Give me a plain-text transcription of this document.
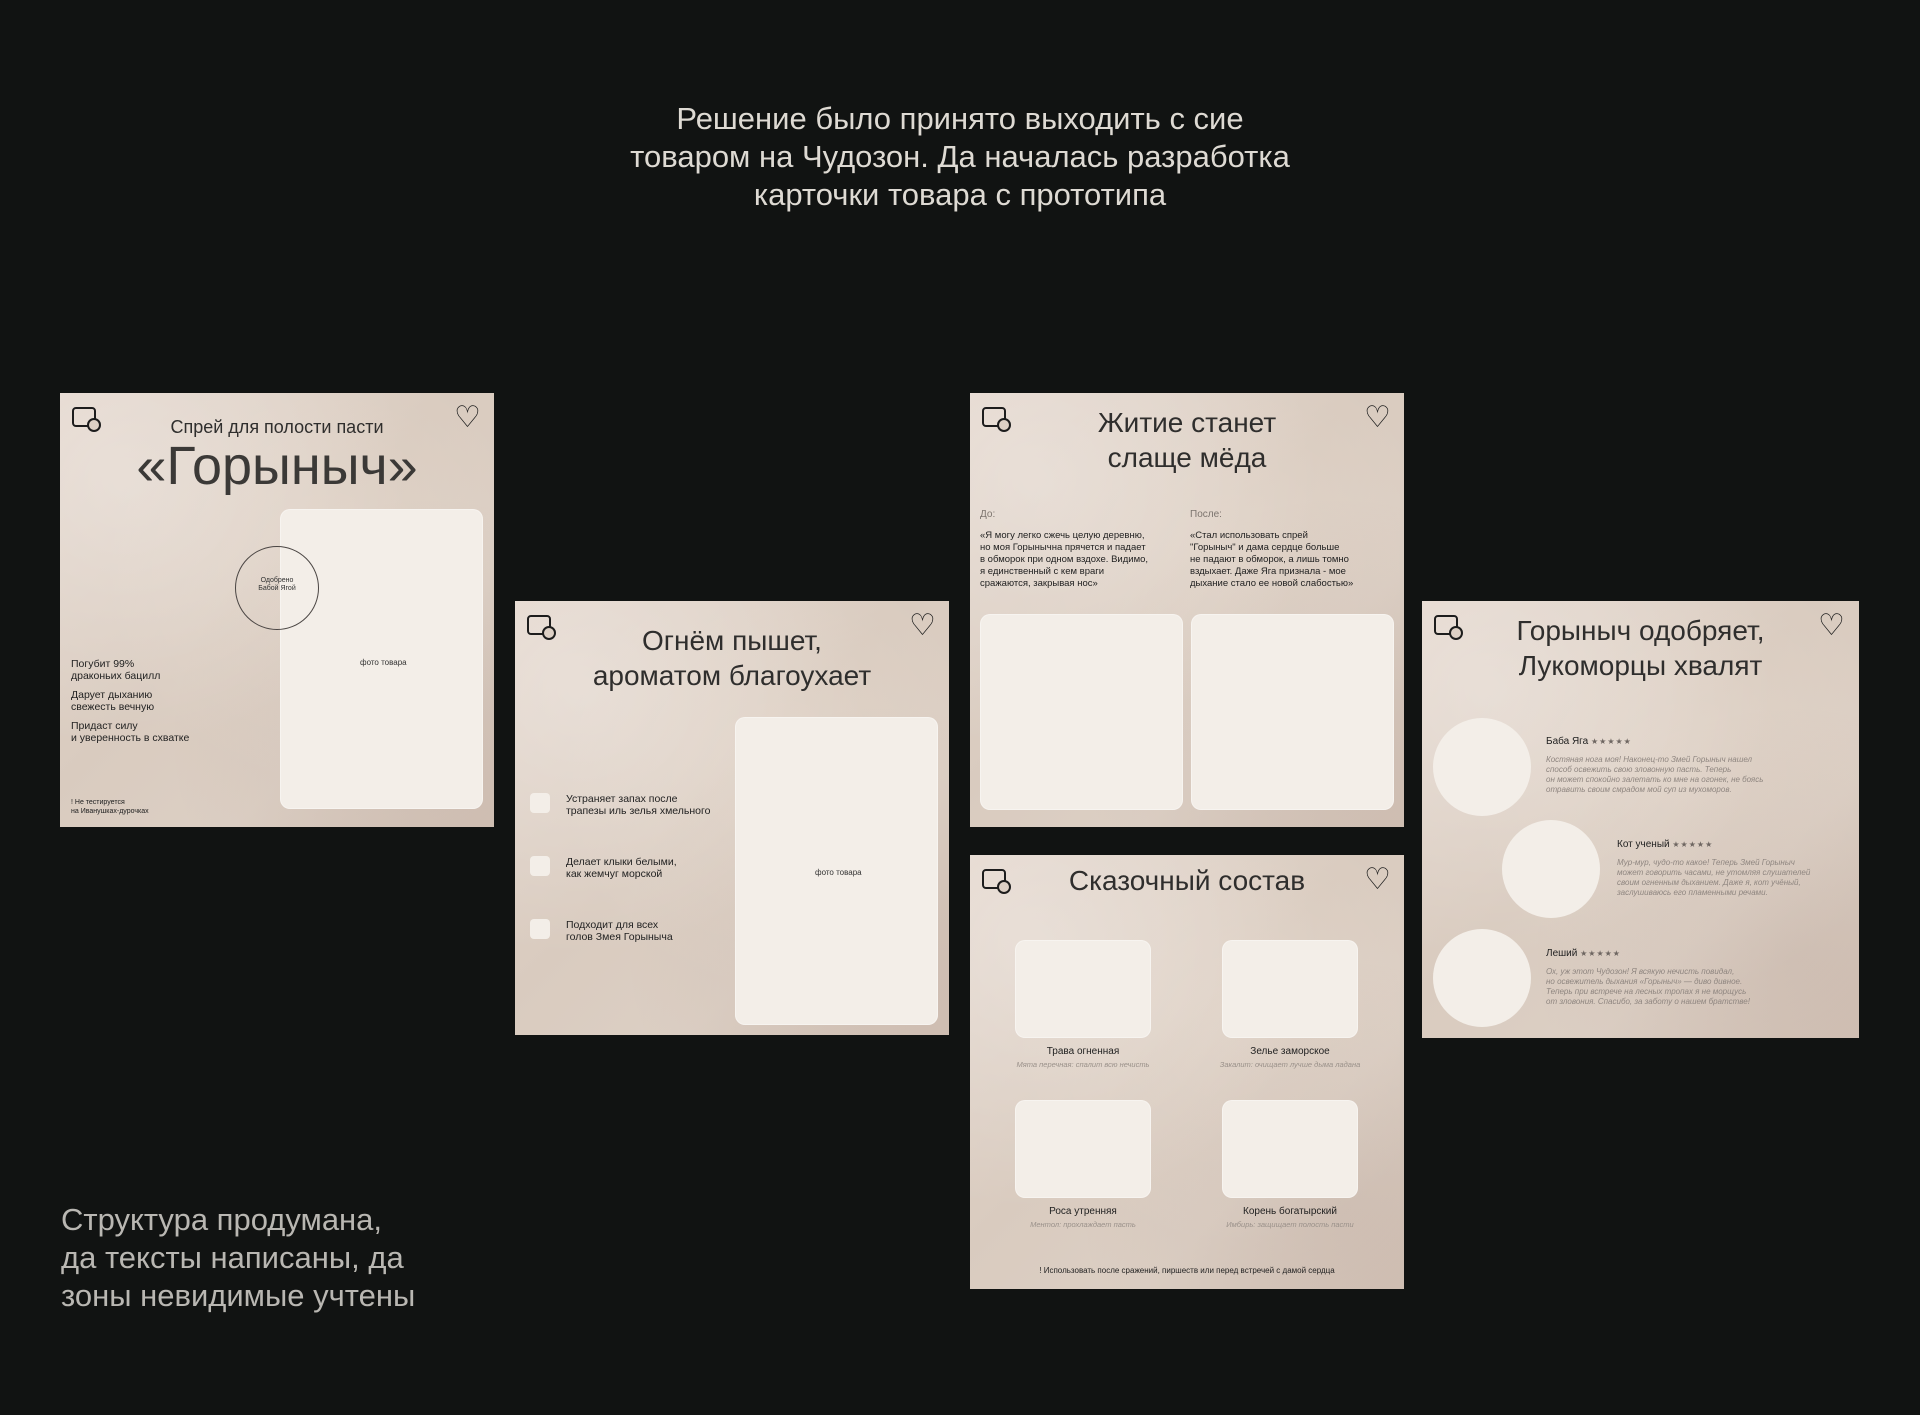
Решение было принято выходить с сие
товаром на Чудозон. Да началась разработка
карточки товара с прототипа
♡
Спрей для полости пасти
«Горыныч»
фото товара
Одобрено
Бабой Ягой
Погубит 99%
драконьих бацилл
Дарует дыханию
свежесть вечную
Придаст силу
и уверенность в схватке
! Не тестируется
на Иванушках-дурочках
♡
Огнём пышет,
ароматом благоухает
фото товара
Устраняет запах после
трапезы иль зелья хмельного
Делает клыки белыми,
как жемчуг морской
Подходит для всех
голов Змея Горыныча
♡
Житие станет
слаще мёда
До:
«Я могу легко сжечь целую деревню,
но моя Горынычна прячется и падает
в обморок при одном вздохе. Видимо,
я единственный с кем враги
сражаются, закрывая нос»
После:
«Стал использовать спрей
"Горыныч" и дама сердце больше
не падают в обморок, а лишь томно
вздыхает. Даже Яга признала - мое
дыхание стало ее новой слабостью»
♡
Сказочный состав
Трава огненная
Мята перечная: спалит всю нечисть
Зелье заморское
Закалит: очищает лучше дыма ладана
Роса утренняя
Ментол: прохлаждает пасть
Корень богатырский
Имбирь: защищает полость пасти
! Использовать после сражений, пиршеств или перед встречей с дамой сердца
♡
Горыныч одобряет,
Лукоморцы хвалят
Баба Яга ★★★★★
Костяная нога моя! Наконец-то Змей Горыныч нашел
способ освежить свою зловонную пасть. Теперь
он может спокойно залетать ко мне на огонек, не боясь
отравить своим смрадом мой суп из мухоморов.
Кот ученый ★★★★★
Мур-мур, чудо-то какое! Теперь Змей Горыныч
может говорить часами, не утомляя слушателей
своим огненным дыханием. Даже я, кот учёный,
заслушиваюсь его пламенными речами.
Леший ★★★★★
Ох, уж этот Чудозон! Я всякую нечисть повидал,
но освежитель дыхания «Горыныч» — диво дивное.
Теперь при встрече на лесных тропах я не морщусь
от зловония. Спасибо, за заботу о нашем братстве!
Структура продумана,
да тексты написаны, да
зоны невидимые учтены
